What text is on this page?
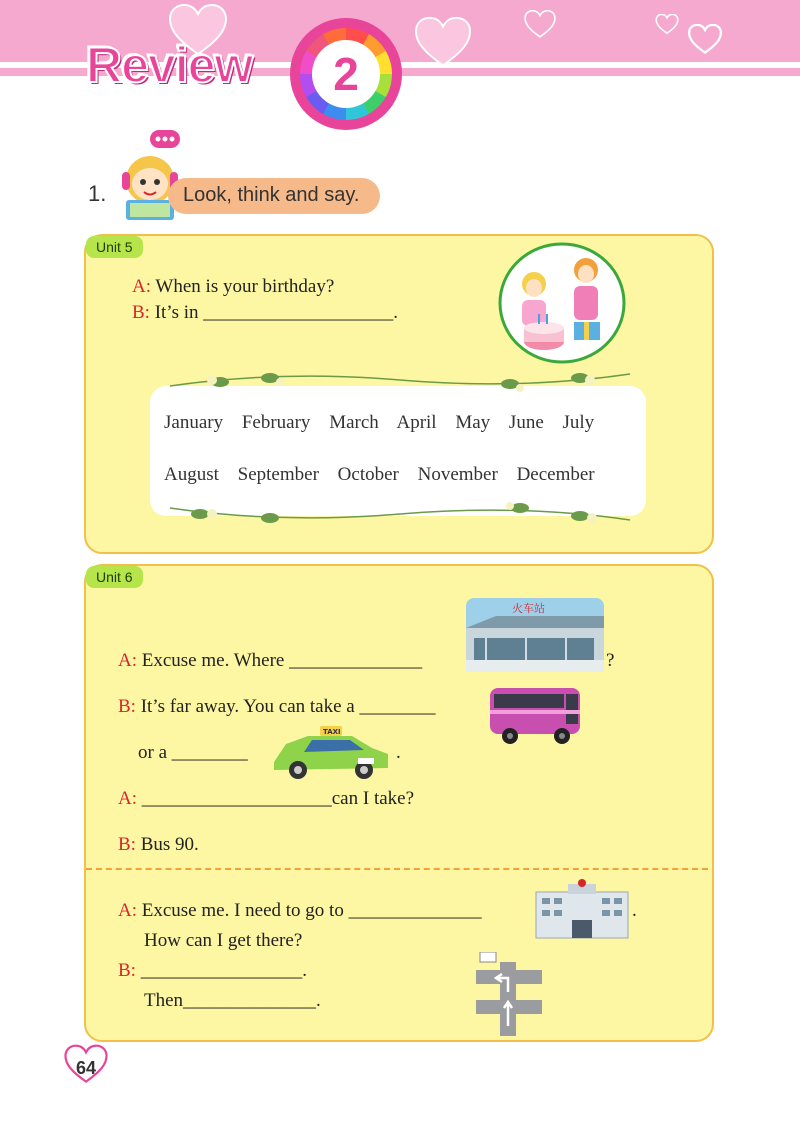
Review	2
1.	Look, think and say.
Unit 5
A: When is your birthday?
B: It’s in ____________________.
January February March April May June July
August September October November December
Unit 6
火车站
A: Excuse me. Where ______________	?
B: It’s far away. You can take a ________
TAXI
or a ________	.
A: ____________________can I take?
B: Bus 90.
A: Excuse me. I need to go to ______________	.
How can I get there?
B: _________________.
Then______________.
64
